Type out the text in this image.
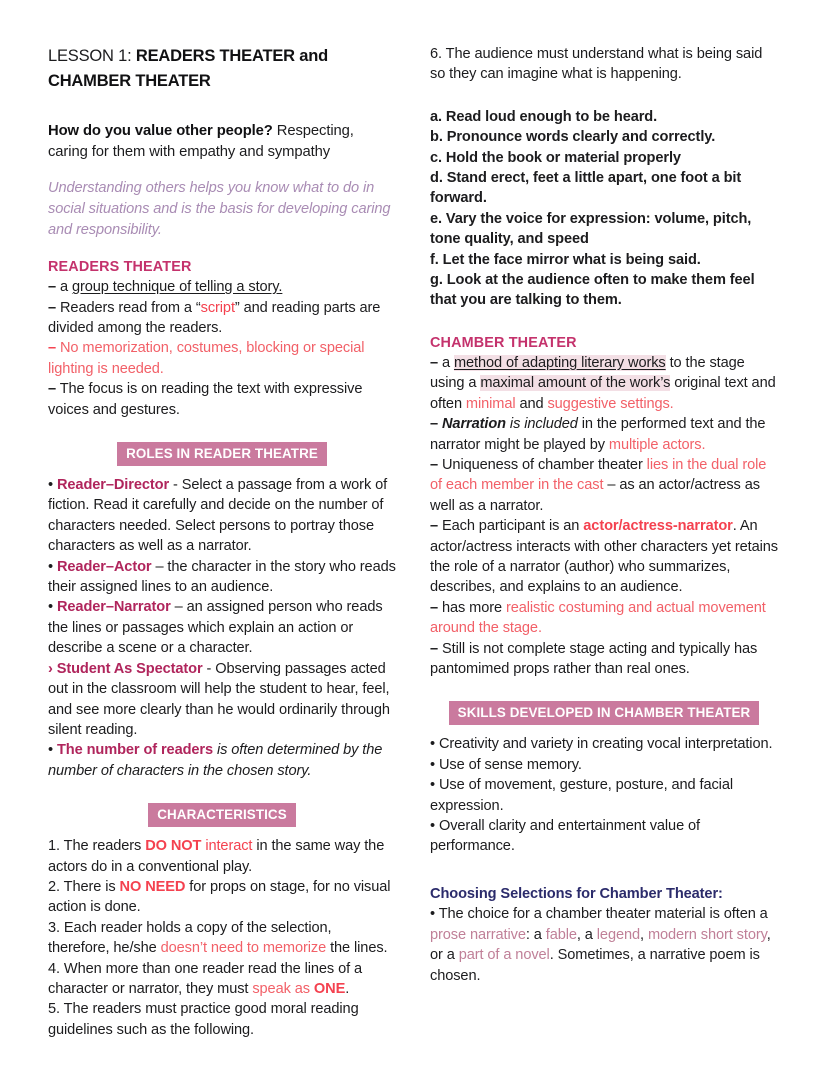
LESSON 1: READERS THEATER and CHAMBER THEATER

How do you value other people? Respecting, caring for them with empathy and sympathy

Understanding others helps you know what to do in social situations and is the basis for developing caring and responsibility.

READERS THEATER

– a group technique of telling a story.

– Readers read from a “script” and reading parts are divided among the readers.

– No memorization, costumes, blocking or special lighting is needed.

– The focus is on reading the text with expressive voices and gestures.

ROLES IN READER THEATRE

• Reader–Director - Select a passage from a work of fiction. Read it carefully and decide on the number of characters needed. Select persons to portray those characters as well as a narrator.

• Reader–Actor – the character in the story who reads their assigned lines to an audience.

• Reader–Narrator – an assigned person who reads the lines or passages which explain an action or describe a scene or a character.

› Student As Spectator - Observing passages acted out in the classroom will help the student to hear, feel, and see more clearly than he would ordinarily through silent reading.

• The number of readers is often determined by the number of characters in the chosen story.

CHARACTERISTICS

1. The readers DO NOT interact in the same way the actors do in a conventional play.

2. There is NO NEED for props on stage, for no visual action is done.

3. Each reader holds a copy of the selection, therefore, he/she doesn’t need to memorize the lines.

4. When more than one reader read the lines of a character or narrator, they must speak as ONE.

5. The readers must practice good moral reading guidelines such as the following.

6. The audience must understand what is being said so they can imagine what is happening.

a. Read loud enough to be heard.

b. Pronounce words clearly and correctly.

c. Hold the book or material properly

d. Stand erect, feet a little apart, one foot a bit forward.

e. Vary the voice for expression: volume, pitch, tone quality, and speed

f. Let the face mirror what is being said.

g. Look at the audience often to make them feel that you are talking to them.

CHAMBER THEATER

– a method of adapting literary works to the stage using a maximal amount of the work’s original text and often minimal and suggestive settings.

– Narration is included in the performed text and the narrator might be played by multiple actors.

– Uniqueness of chamber theater lies in the dual role of each member in the cast – as an actor/actress as well as a narrator.

– Each participant is an actor/actress-narrator. An actor/actress interacts with other characters yet retains the role of a narrator (author) who summarizes, describes, and explains to an audience.

– has more realistic costuming and actual movement around the stage.

– Still is not complete stage acting and typically has pantomimed props rather than real ones.

SKILLS DEVELOPED IN CHAMBER THEATER

• Creativity and variety in creating vocal interpretation.

• Use of sense memory.

• Use of movement, gesture, posture, and facial expression.

• Overall clarity and entertainment value of performance.

Choosing Selections for Chamber Theater:

• The choice for a chamber theater material is often a prose narrative: a fable, a legend, modern short story, or a part of a novel. Sometimes, a narrative poem is chosen.
